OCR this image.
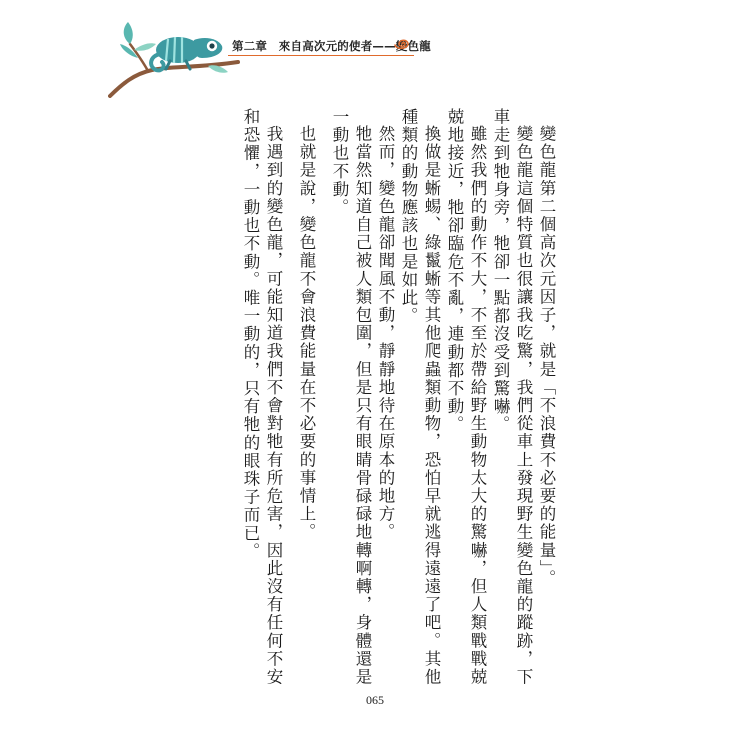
第二章　來自高次元的使者——變色龍

變色龍第二個高次元因子，就是「不浪費不必要的能量」。

變色龍這個特質也很讓我吃驚，我們從車上發現野生變色龍的蹤跡，下車走到牠身旁，牠卻一點都沒受到驚嚇。

雖然我們的動作不大，不至於帶給野生動物太大的驚嚇，但人類戰戰兢兢地接近，牠卻臨危不亂，連動都不動。

換做是蜥蜴、綠鬣蜥等其他爬蟲類動物，恐怕早就逃得遠遠了吧。其他種類的動物應該也是如此。

然而，變色龍卻聞風不動，靜靜地待在原本的地方。

牠當然知道自己被人類包圍，但是只有眼睛骨碌碌地轉啊轉，身體還是一動也不動。

也就是說，變色龍不會浪費能量在不必要的事情上。

我遇到的變色龍，可能知道我們不會對牠有所危害，因此沒有任何不安和恐懼，一動也不動。唯一動的，只有牠的眼珠子而已。

065
